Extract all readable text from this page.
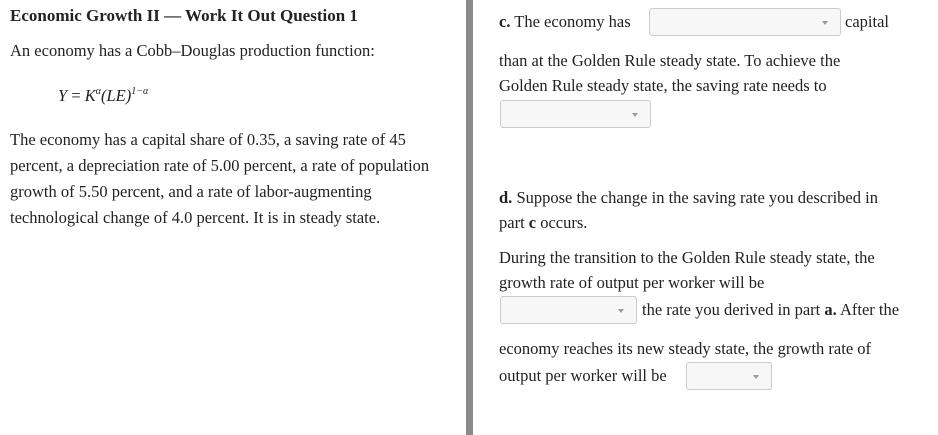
Economic Growth II — Work It Out Question 1

An economy has a Cobb–Douglas production function:

$Y = K^\alpha(LE)^{1-\alpha}$

The economy has a capital share of 0.35, a saving rate of 45 percent, a depreciation rate of 5.00 percent, a rate of population growth of 5.50 percent, and a rate of labor-augmenting technological change of 4.0 percent. It is in steady state.

c. The economy has	capital

than at the Golden Rule steady state. To achieve the

Golden Rule steady state, the saving rate needs to

d. Suppose the change in the saving rate you described in

part c occurs.

During the transition to the Golden Rule steady state, the

growth rate of output per worker will be

the rate you derived in part a. After the

economy reaches its new steady state, the growth rate of

output per worker will be
